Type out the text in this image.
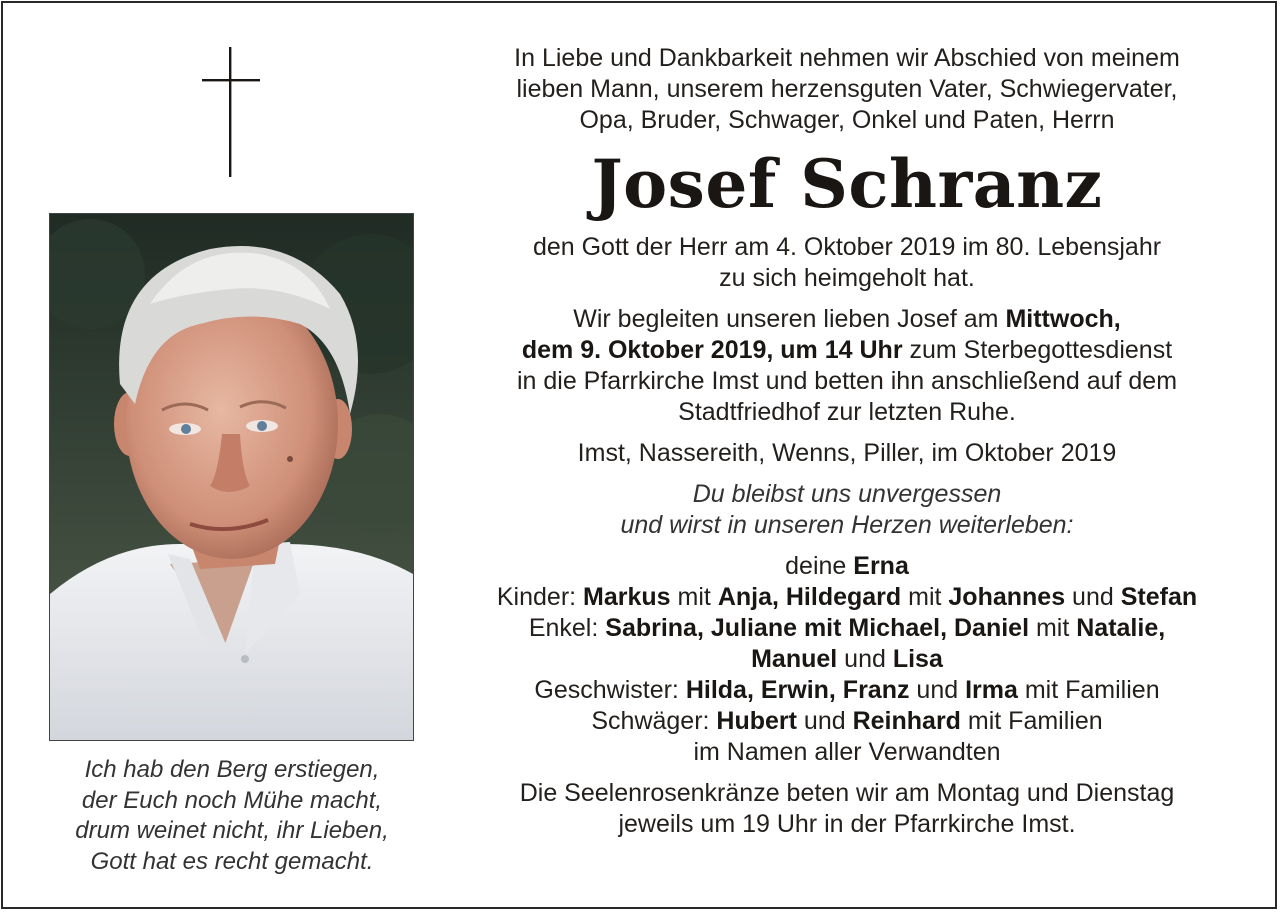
Ich hab den Berg erstiegen,
der Euch noch Mühe macht,
drum weinet nicht, ihr Lieben,
Gott hat es recht gemacht.
In Liebe und Dankbarkeit nehmen wir Abschied von meinem
lieben Mann, unserem herzensguten Vater, Schwiegervater,
Opa, Bruder, Schwager, Onkel und Paten, Herrn
Josef Schranz
den Gott der Herr am 4. Oktober 2019 im 80. Lebensjahr
zu sich heimgeholt hat.
Wir begleiten unseren lieben Josef am Mittwoch,
dem 9. Oktober 2019, um 14 Uhr zum Sterbegottesdienst
in die Pfarrkirche Imst und betten ihn anschließend auf dem
Stadtfriedhof zur letzten Ruhe.
Imst, Nassereith, Wenns, Piller, im Oktober 2019
Du bleibst uns unvergessen
und wirst in unseren Herzen weiterleben:
deine Erna
Kinder: Markus mit Anja, Hildegard mit Johannes und Stefan
Enkel: Sabrina, Juliane mit Michael, Daniel mit Natalie,
Manuel und Lisa
Geschwister: Hilda, Erwin, Franz und Irma mit Familien
Schwäger: Hubert und Reinhard mit Familien
im Namen aller Verwandten
Die Seelenrosenkränze beten wir am Montag und Dienstag
jeweils um 19 Uhr in der Pfarrkirche Imst.
